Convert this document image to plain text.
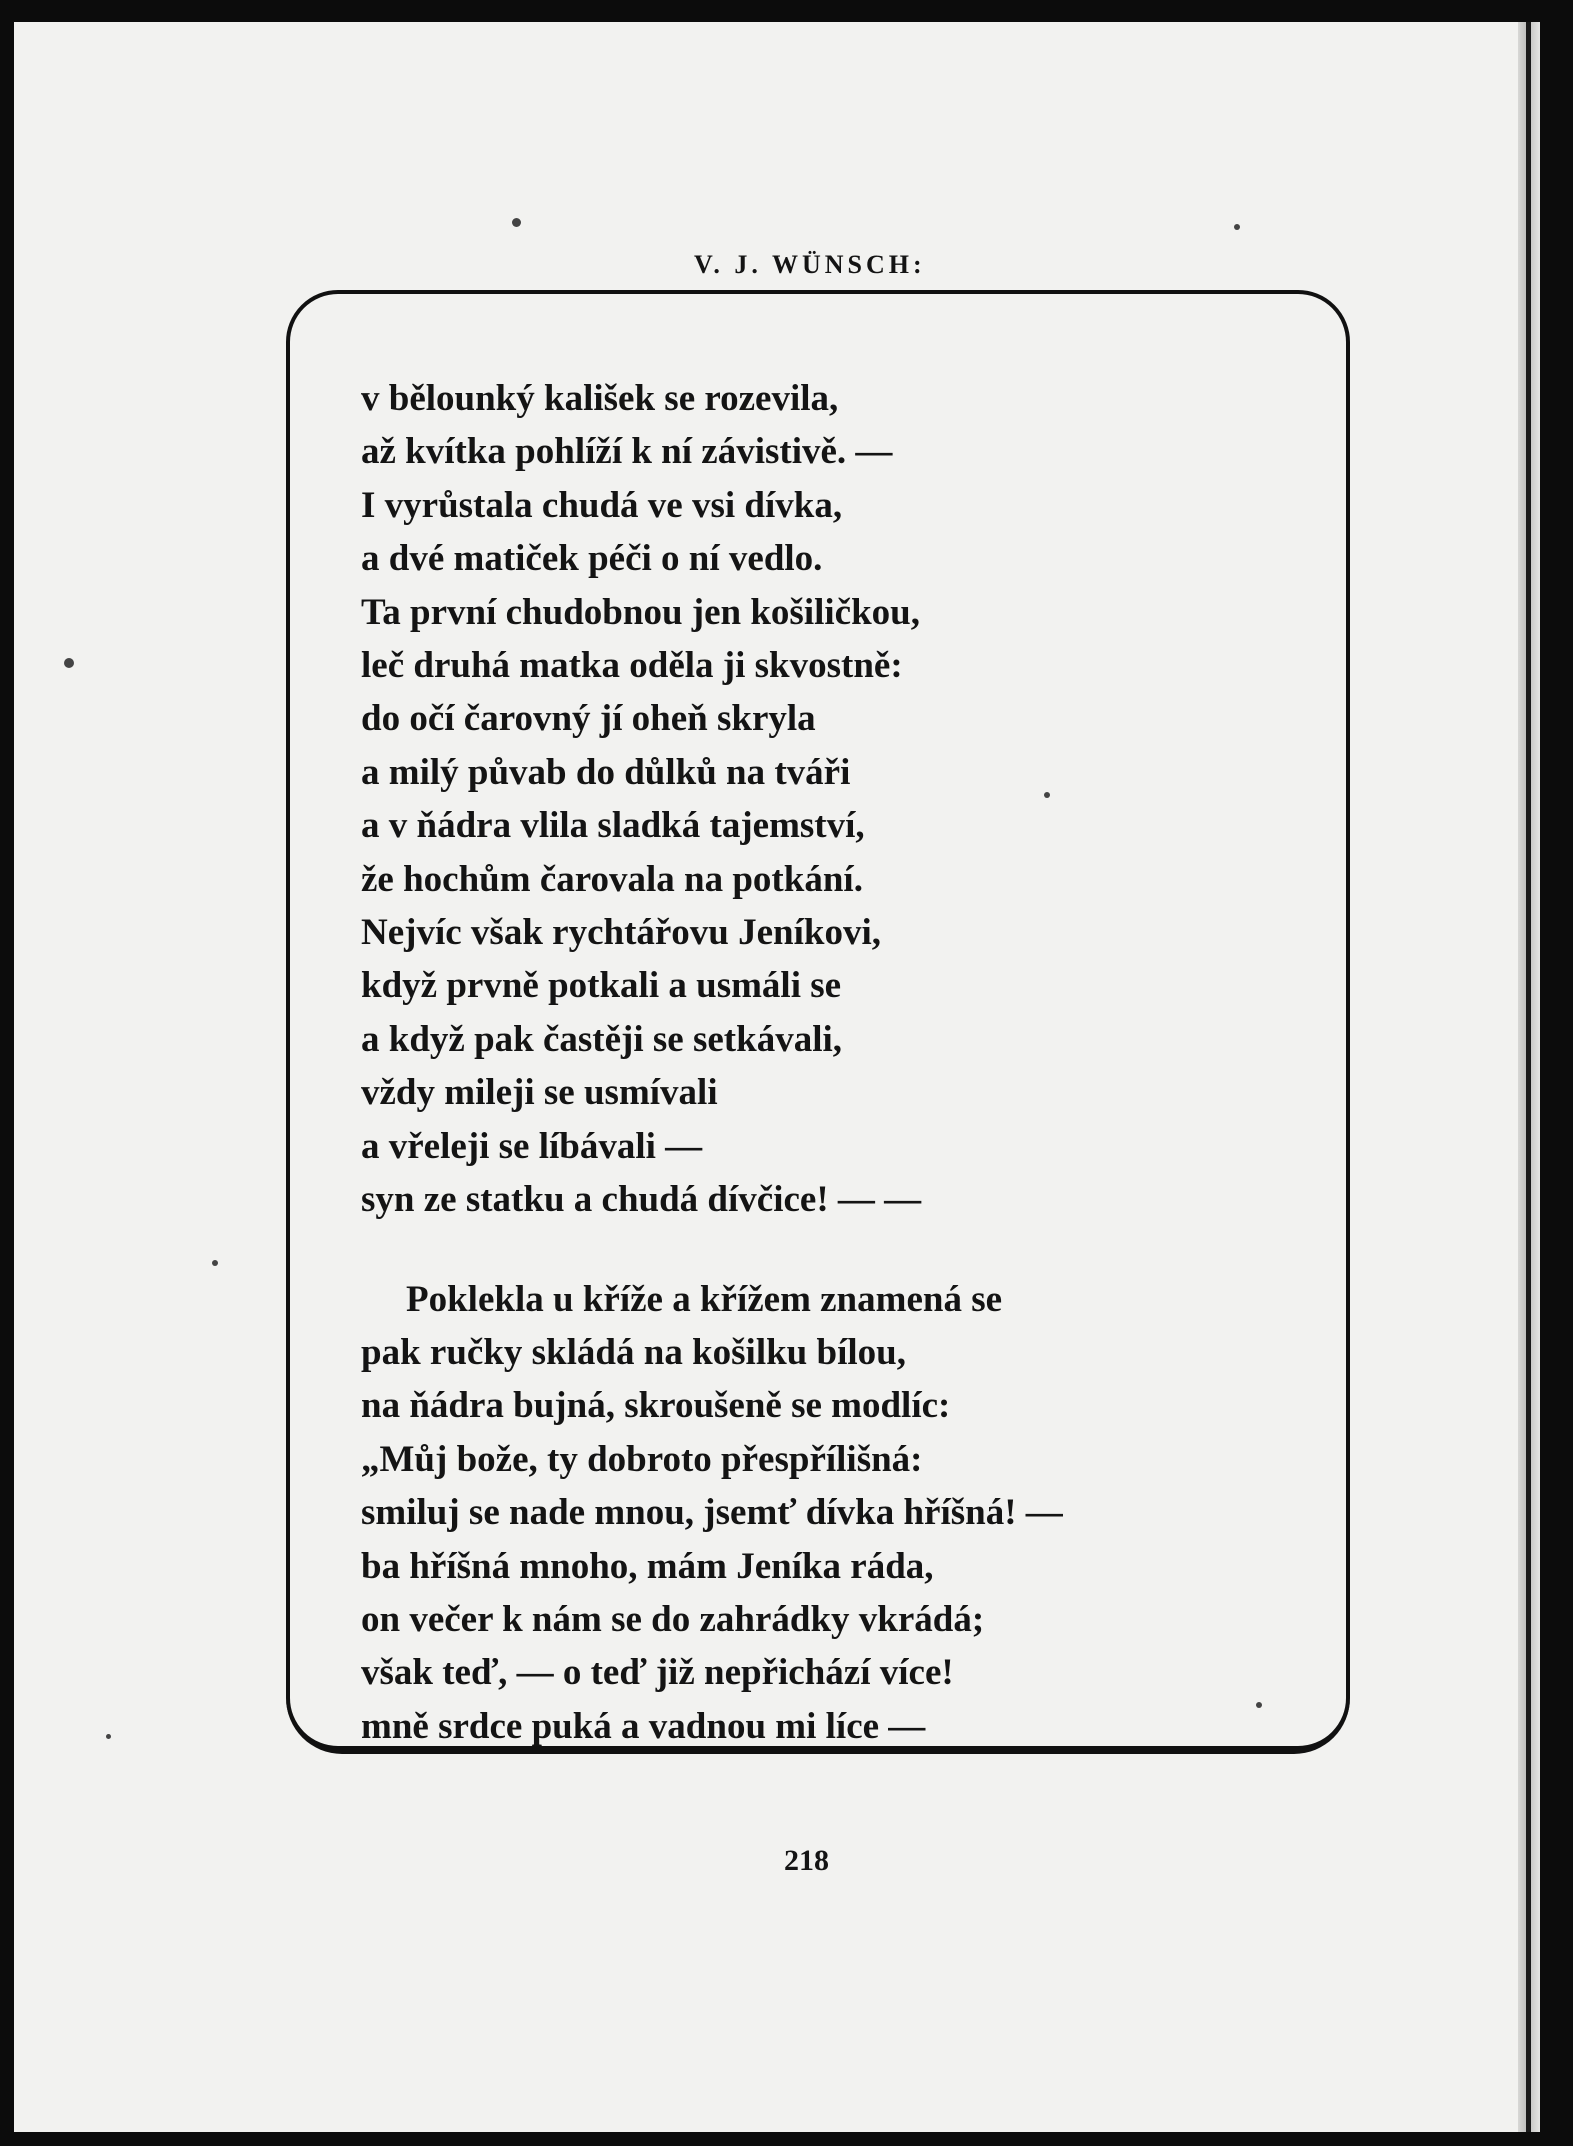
V. J. WÜNSCH:
v bělounký kališek se rozevila,
až kvítka pohlíží k ní závistivě. —
I vyrůstala chudá ve vsi dívka,
a dvé matiček péči o ní vedlo.
Ta první chudobnou jen košiličkou,
leč druhá matka oděla ji skvostně:
do očí čarovný jí oheň skryla
a milý půvab do důlků na tváři
a v ňádra vlila sladká tajemství,
že hochům čarovala na potkání.
Nejvíc však rychtářovu Jeníkovi,
když prvně potkali a usmáli se
a když pak častěji se setkávali,
vždy mileji se usmívali
a vřeleji se líbávali —
syn ze statku a chudá dívčice! — —
Poklekla u kříže a křížem znamená se
pak ručky skládá na košilku bílou,
na ňádra bujná, skroušeně se modlíc:
„Můj bože, ty dobroto přespřílišná:
smiluj se nade mnou, jsemť dívka hříšná! —
ba hříšná mnoho, mám Jeníka ráda,
on večer k nám se do zahrádky vkrádá;
však teď, — o teď již nepřichází více!
mně srdce puká a vadnou mi líce —
218
